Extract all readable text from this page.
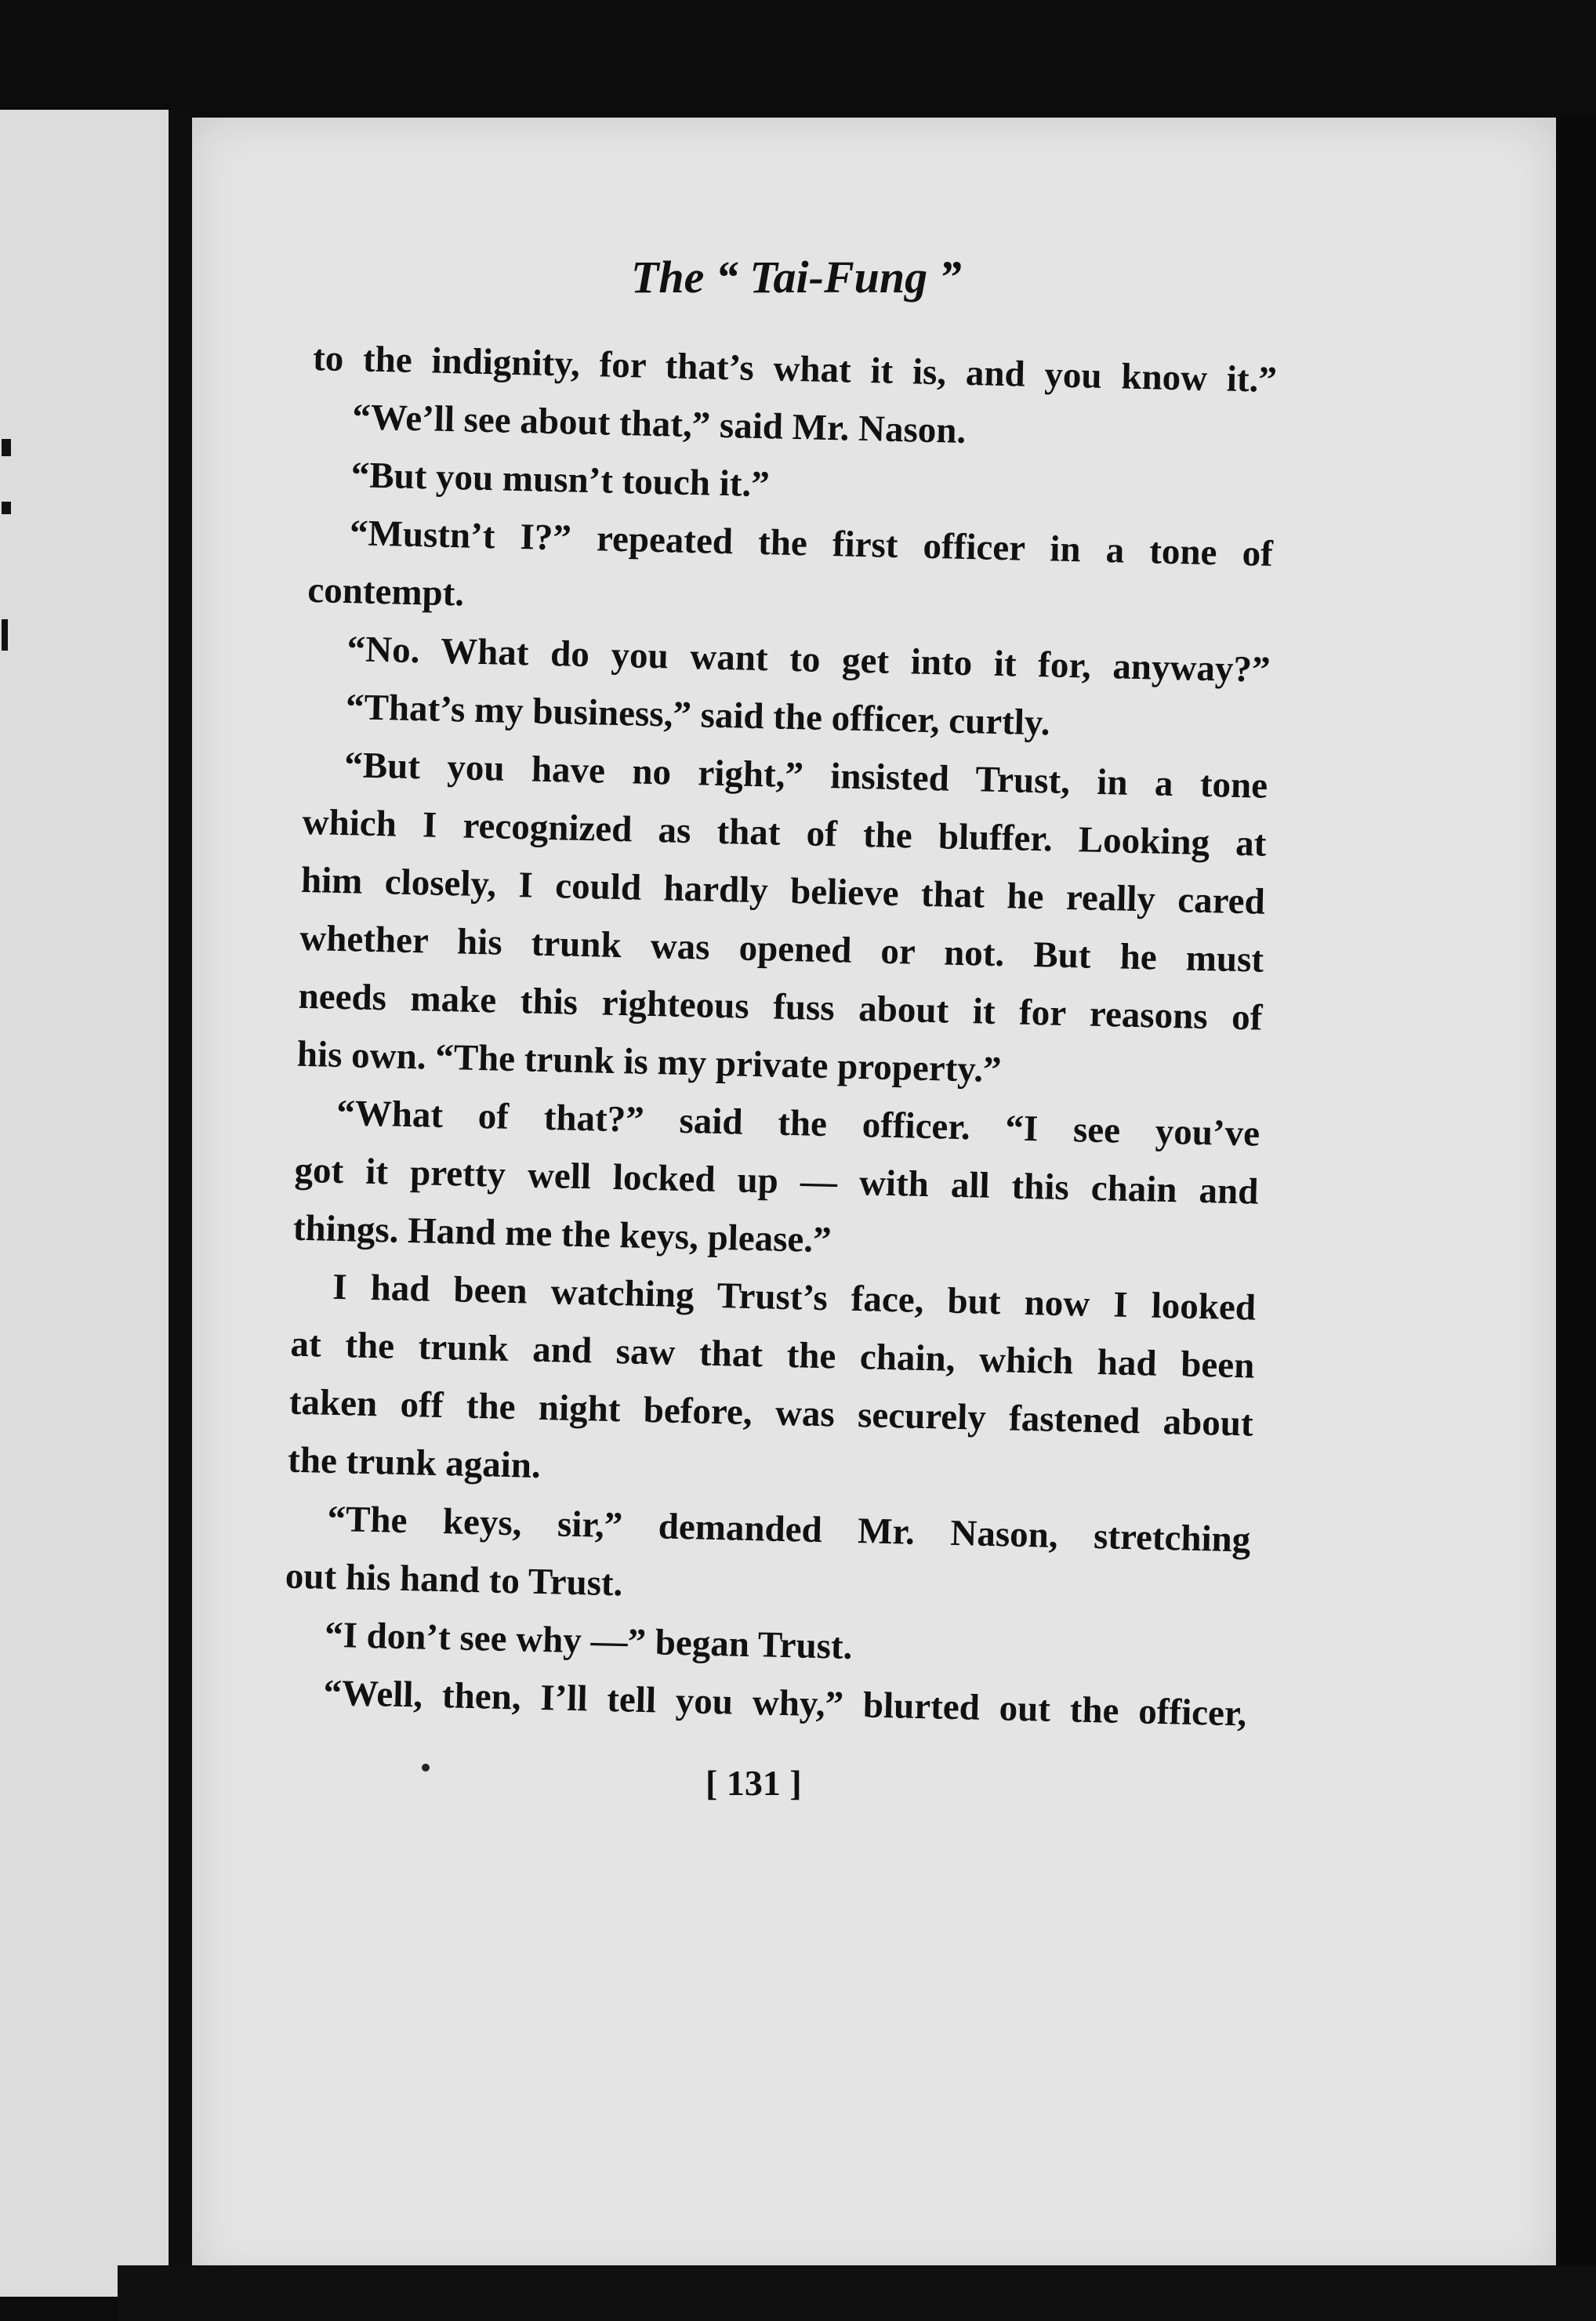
The “ Tai-Fung ”
to the indignity, for that’s what it is, and you know it.”
“We’ll see about that,” said Mr. Nason.
“But you musn’t touch it.”
“Mustn’t I?” repeated the first officer in a tone of
contempt.
“No. What do you want to get into it for, anyway?”
“That’s my business,” said the officer, curtly.
“But you have no right,” insisted Trust, in a tone
which I recognized as that of the bluffer. Looking at
him closely, I could hardly believe that he really cared
whether his trunk was opened or not. But he must
needs make this righteous fuss about it for reasons of
his own. “The trunk is my private property.”
“What of that?” said the officer. “I see you’ve
got it pretty well locked up — with all this chain and
things. Hand me the keys, please.”
I had been watching Trust’s face, but now I looked
at the trunk and saw that the chain, which had been
taken off the night before, was securely fastened about
the trunk again.
“The keys, sir,” demanded Mr. Nason, stretching
out his hand to Trust.
“I don’t see why —” began Trust.
“Well, then, I’ll tell you why,” blurted out the officer,
[ 131 ]
